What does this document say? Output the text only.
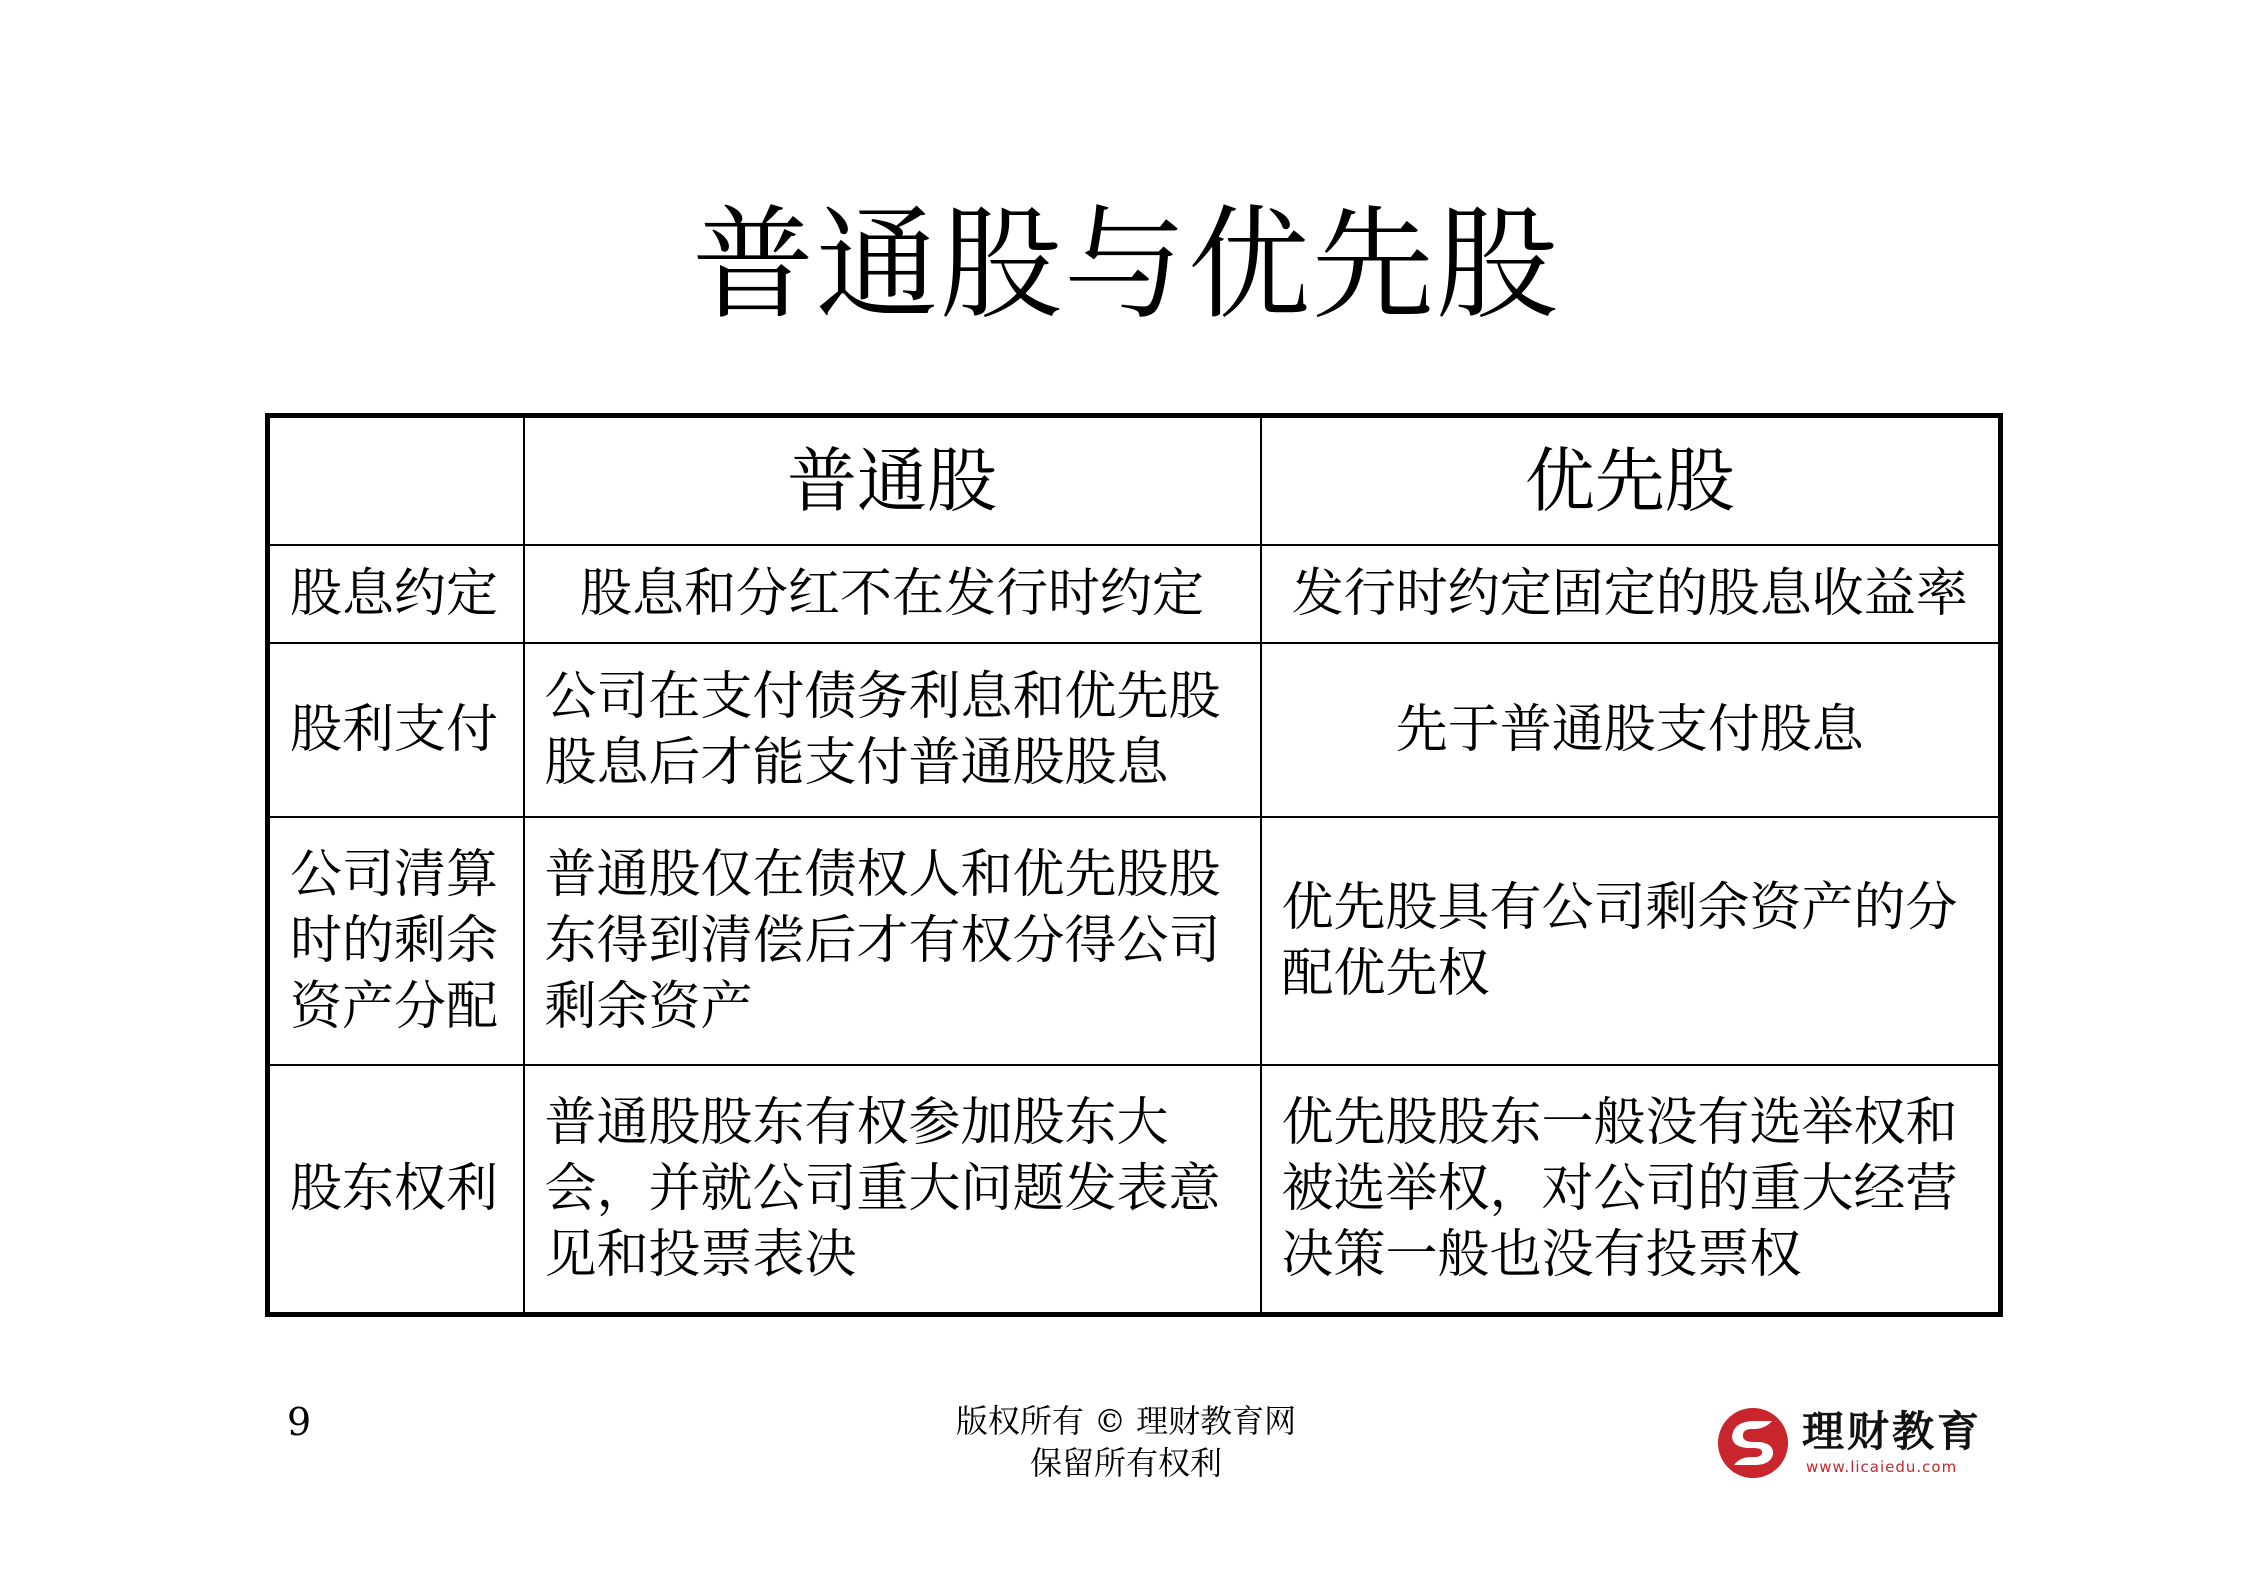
普通股与优先股
	普通股	优先股
股息约定	股息和分红不在发行时约定	发行时约定固定的股息收益率
股利支付	公司在支付债务利息和优先股股息后才能支付普通股股息	先于普通股支付股息
公司清算时的剩余资产分配	普通股仅在债权人和优先股股东得到清偿后才有权分得公司剩余资产	优先股具有公司剩余资产的分配优先权
股东权利	普通股股东有权参加股东大会，并就公司重大问题发表意见和投票表决	优先股股东一般没有选举权和被选举权，对公司的重大经营决策一般也没有投票权
9	版权所有 © 理财教育网
保留所有权利
理财教育
www.licaiedu.com
